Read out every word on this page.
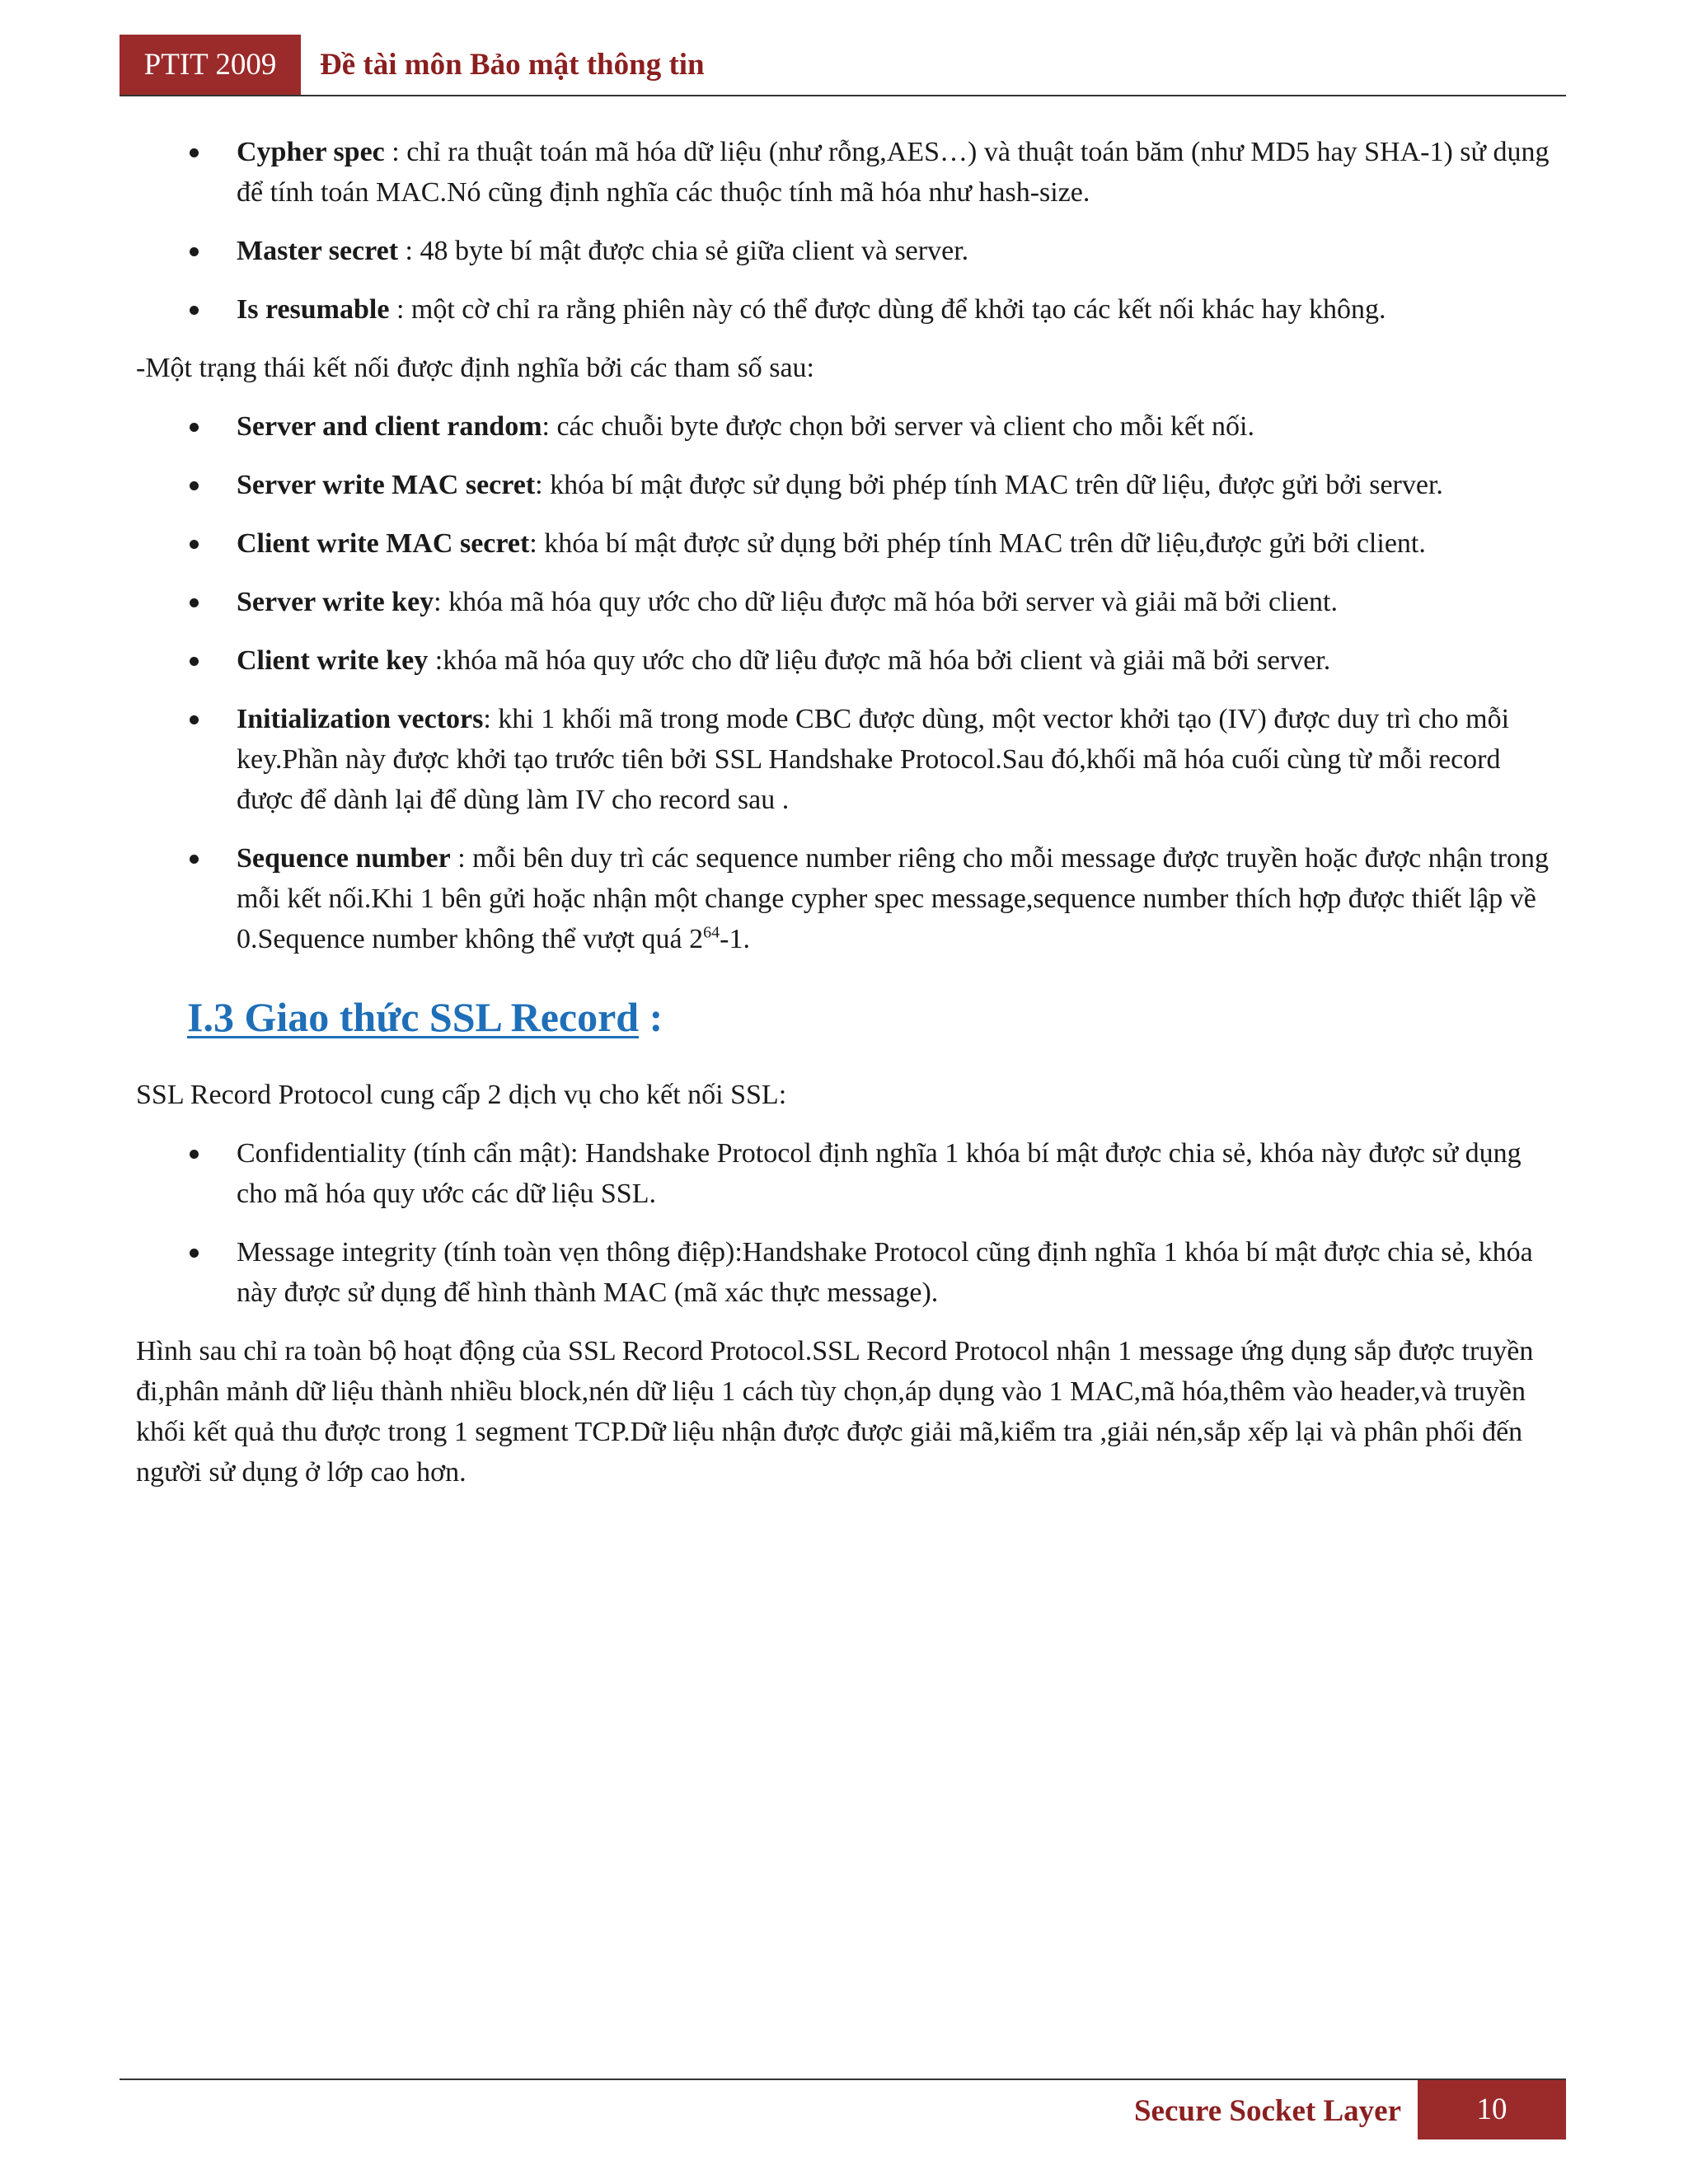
PTIT 2009	Đề tài môn Bảo mật thông tin
Cypher spec : chỉ ra thuật toán mã hóa dữ liệu (như rỗng,AES…) và thuật toán băm (như MD5 hay SHA-1) sử dụng để tính toán MAC.Nó cũng định nghĩa các thuộc tính mã hóa như hash-size.
Master secret : 48 byte bí mật được chia sẻ giữa client và server.
Is resumable : một cờ chỉ ra rằng phiên này có thể được dùng để khởi tạo các kết nối khác hay không.

-Một trạng thái kết nối được định nghĩa bởi các tham số sau:

Server and client random: các chuỗi byte được chọn bởi server và client cho mỗi kết nối.
Server write MAC secret: khóa bí mật được sử dụng bởi phép tính MAC trên dữ liệu, được gửi bởi server.
Client write MAC secret: khóa bí mật được sử dụng bởi phép tính MAC trên dữ liệu,được gửi bởi client.
Server write key: khóa mã hóa quy ước cho dữ liệu được mã hóa bởi server và giải mã bởi client.
Client write key :khóa mã hóa quy ước cho dữ liệu được mã hóa bởi client và giải mã bởi server.
Initialization vectors: khi 1 khối mã trong mode CBC được dùng, một vector khởi tạo (IV) được duy trì cho mỗi key.Phần này được khởi tạo trước tiên bởi SSL Handshake Protocol.Sau đó,khối mã hóa cuối cùng từ mỗi record được để dành lại để dùng làm IV cho record sau .
Sequence number : mỗi bên duy trì các sequence number riêng cho mỗi message được truyền hoặc được nhận trong mỗi kết nối.Khi 1 bên gửi hoặc nhận một change cypher spec message,sequence number thích hợp được thiết lập về 0.Sequence number không thể vượt quá $2^{64}-1$.
I.3 Giao thức SSL Record :

SSL Record Protocol cung cấp 2 dịch vụ cho kết nối SSL:

Confidentiality (tính cẩn mật): Handshake Protocol định nghĩa 1 khóa bí mật được chia sẻ, khóa này được sử dụng cho mã hóa quy ước các dữ liệu SSL.
Message integrity (tính toàn vẹn thông điệp):Handshake Protocol cũng định nghĩa 1 khóa bí mật được chia sẻ, khóa này được sử dụng để hình thành MAC (mã xác thực message).

Hình sau chỉ ra toàn bộ hoạt động của SSL Record Protocol.SSL Record Protocol nhận 1 message ứng dụng sắp được truyền đi,phân mảnh dữ liệu thành nhiều block,nén dữ liệu 1 cách tùy chọn,áp dụng vào 1 MAC,mã hóa,thêm vào header,và truyền khối kết quả thu được trong 1 segment TCP.Dữ liệu nhận được được giải mã,kiểm tra ,giải nén,sắp xếp lại và phân phối đến người sử dụng ở lớp cao hơn.

Secure Socket Layer	10
